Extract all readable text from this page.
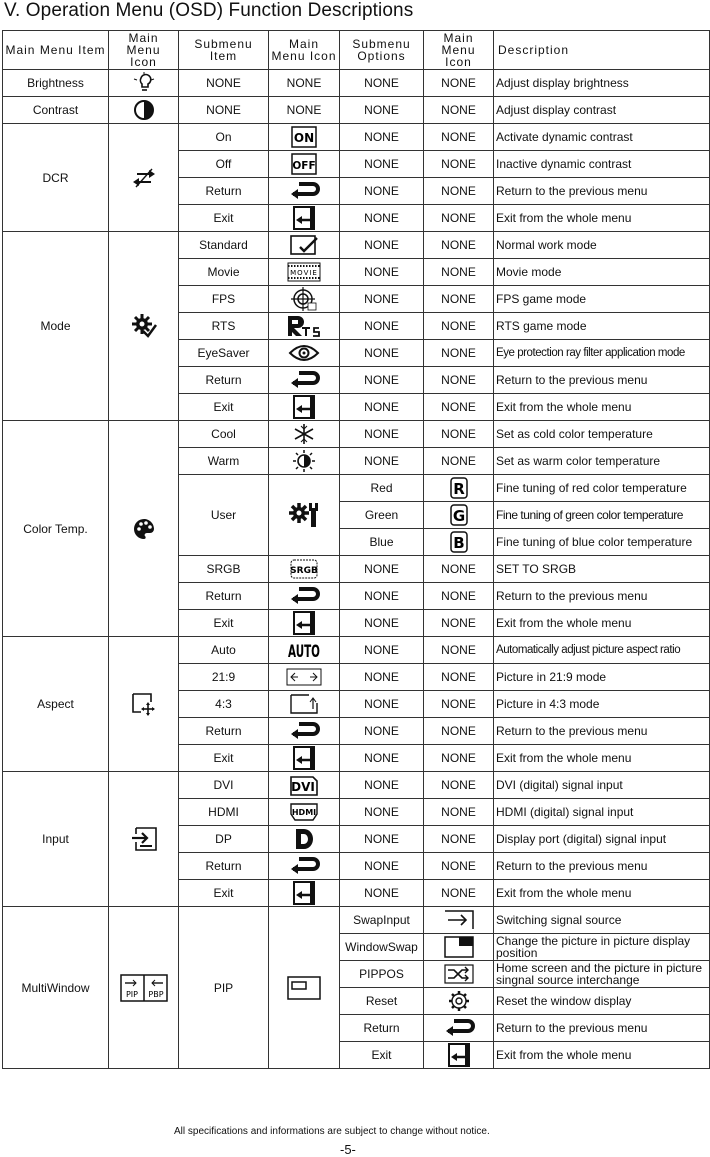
V. Operation Menu (OSD) Function Descriptions
Main Menu Item	Main Menu Icon	Submenu Item	Main Menu Icon	Submenu Options	Main Menu Icon	Description
Brightness		NONE	NONE	NONE	NONE	Adjust display brightness
Contrast		NONE	NONE	NONE	NONE	Adjust display contrast
DCR		On	ON	NONE	NONE	Activate dynamic contrast
		Off	OFF	NONE	NONE	Inactive dynamic contrast
		Return		NONE	NONE	Return to the previous menu
		Exit		NONE	NONE	Exit from the whole menu
Mode		Standard		NONE	NONE	Normal work mode
		Movie	MOVIE	NONE	NONE	Movie mode
		FPS		NONE	NONE	FPS game mode
		RTS		NONE	NONE	RTS game mode
		EyeSaver		NONE	NONE	Eye protection ray filter application mode
		Return		NONE	NONE	Return to the previous menu
		Exit		NONE	NONE	Exit from the whole menu
Color Temp.		Cool		NONE	NONE	Set as cold color temperature
		Warm		NONE	NONE	Set as warm color temperature
		User		Red	R	Fine tuning of red color temperature
				Green	G	Fine tuning of green color temperature
				Blue	B	Fine tuning of blue color temperature
		SRGB	SRGB	NONE	NONE	SET TO SRGB
		Return		NONE	NONE	Return to the previous menu
		Exit		NONE	NONE	Exit from the whole menu
Aspect		Auto	AUTO	NONE	NONE	Automatically adjust picture aspect ratio
		21:9		NONE	NONE	Picture in 21:9 mode
		4:3		NONE	NONE	Picture in 4:3 mode
		Return		NONE	NONE	Return to the previous menu
		Exit		NONE	NONE	Exit from the whole menu
Input		DVI	DVI	NONE	NONE	DVI (digital) signal input
		HDMI	HDMI	NONE	NONE	HDMI (digital) signal input
		DP		NONE	NONE	Display port (digital) signal input
		Return		NONE	NONE	Return to the previous menu
		Exit		NONE	NONE	Exit from the whole menu
MultiWindow	PIP PBP	PIP		SwapInput		Switching signal source
				WindowSwap		Change the picture in picture display position
				PIPPOS		Home screen and the picture in picture singnal source interchange
				Reset		Reset the window display
				Return		Return to the previous menu
				Exit		Exit from the whole menu
All specifications and informations are subject to change without notice.
-5-
